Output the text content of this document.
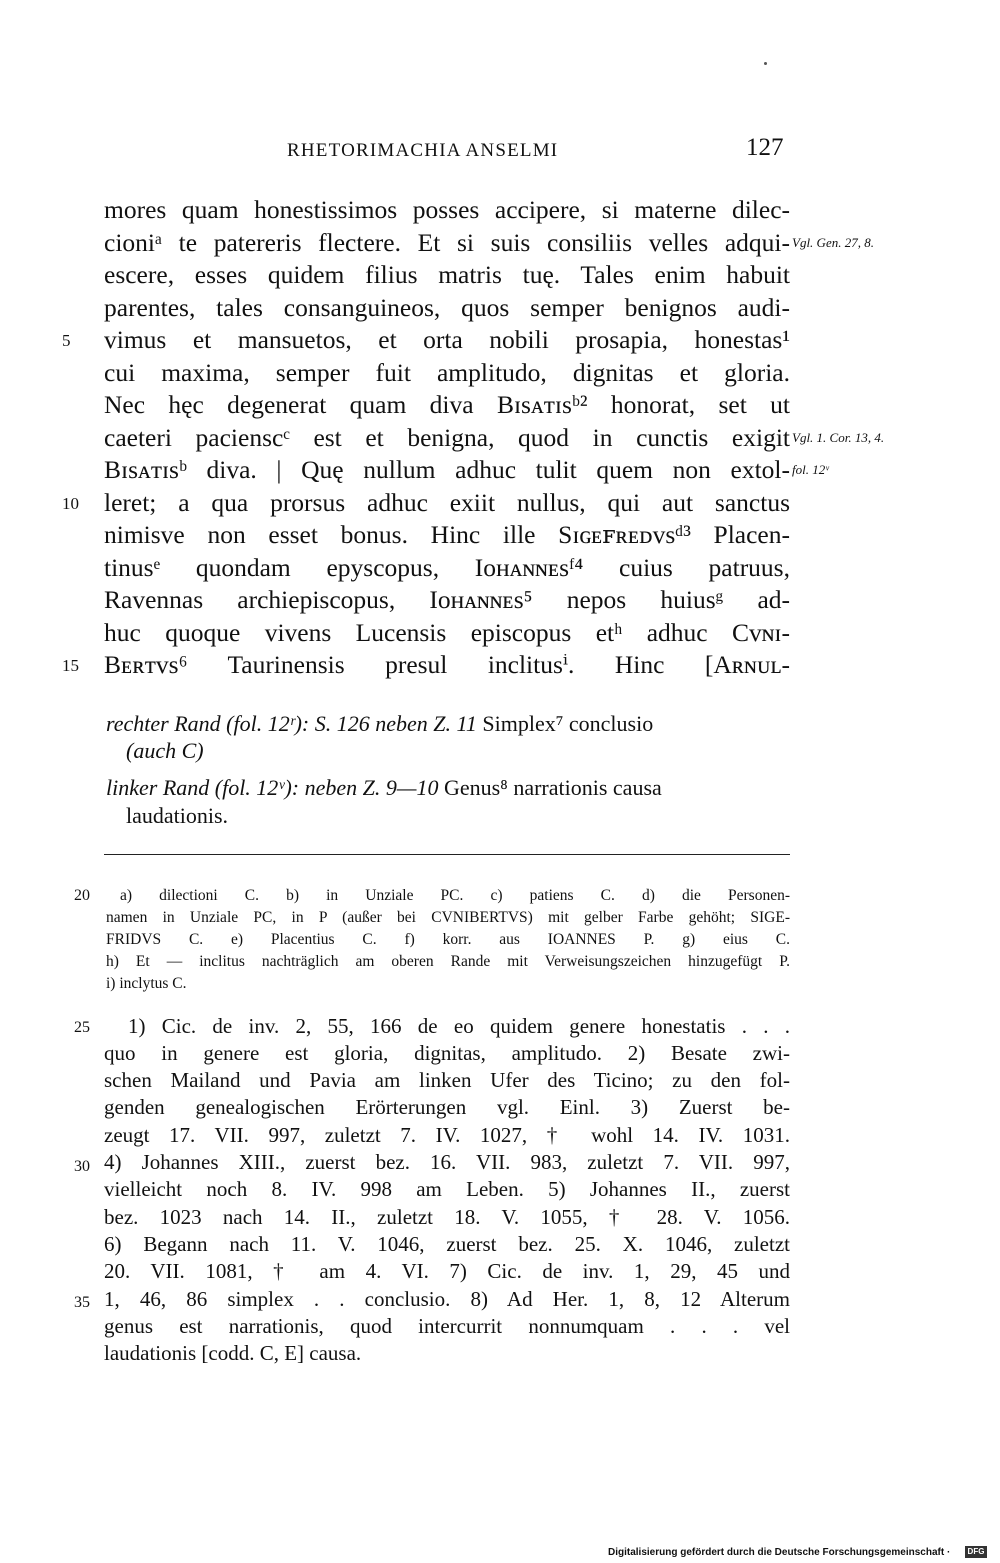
RHETORIMACHIA ANSELMI	127
mores quam honestissimos posses accipere, si materne dilec-
cioniᵃ te patereris flectere. Et si suis consiliis velles adqui-
escere, esses quidem filius matris tuę. Tales enim habuit
parentes, tales consanguineos, quos semper benignos audi-
vimus et mansuetos, et orta nobili prosapia, honestas¹
cui maxima, semper fuit amplitudo, dignitas et gloria.
Nec hęc degenerat quam diva Bɪsᴀᴛɪsᵇ² honorat, set ut
caeteri pacienscᶜ est et benigna, quod in cunctis exigit
Bɪsᴀᴛɪsᵇ diva. | Quę nullum adhuc tulit quem non extol-
leret; a qua prorsus adhuc exiit nullus, qui aut sanctus
nimisve non esset bonus. Hinc ille Sɪɢᴇꜰʀᴇᴅᴠsᵈ³ Placen-
tinusᵉ quondam epyscopus, Iᴏʜᴀɴɴᴇsᶠ⁴ cuius patruus,
Ravennas archiepiscopus, Iᴏʜᴀɴɴᴇs⁵ nepos huiusᵍ ad-
huc quoque vivens Lucensis episcopus etʰ adhuc Cᴠɴɪ-
Bᴇʀᴛᴠs⁶ Taurinensis presul inclitusⁱ. Hinc [Aʀɴᴜʟ-
5
10
15
Vgl. Gen. 27, 8.
Vgl. 1. Cor. 13, 4.
fol. 12ᵛ
rechter Rand (fol. 12ʳ): S. 126 neben Z. 11 Simplex⁷ conclusio
(auch C)
linker Rand (fol. 12ᵛ): neben Z. 9—10 Genus⁸ narrationis causa
laudationis.
20	a) dilectioni C. b) in Unziale PC. c) patiens C. d) die Personen-
namen in Unziale PC, in P (außer bei CVNIBERTVS) mit gelber Farbe gehöht; SIGE-
FRIDVS C. e) Placentius C. f) korr. aus IOANNES P. g) eius C.
h) Et — inclitus nachträglich am oberen Rande mit Verweisungszeichen hinzugefügt P.
i) inclytus C.
25
30
35
1) Cic. de inv. 2, 55, 166 de eo quidem genere honestatis . . .
quo in genere est gloria, dignitas, amplitudo. 2) Besate zwi-
schen Mailand und Pavia am linken Ufer des Ticino; zu den fol-
genden genealogischen Erörterungen vgl. Einl. 3) Zuerst be-
zeugt 17. VII. 997, zuletzt 7. IV. 1027, † wohl 14. IV. 1031.
4) Johannes XIII., zuerst bez. 16. VII. 983, zuletzt 7. VII. 997,
vielleicht noch 8. IV. 998 am Leben. 5) Johannes II., zuerst
bez. 1023 nach 14. II., zuletzt 18. V. 1055, † 28. V. 1056.
6) Begann nach 11. V. 1046, zuerst bez. 25. X. 1046, zuletzt
20. VII. 1081, † am 4. VI. 7) Cic. de inv. 1, 29, 45 und
1, 46, 86 simplex . . conclusio. 8) Ad Her. 1, 8, 12 Alterum
genus est narrationis, quod intercurrit nonnumquam . . . vel
laudationis [codd. C, E] causa.
Digitalisierung gefördert durch die Deutsche Forschungsgemeinschaft ·	DFG
